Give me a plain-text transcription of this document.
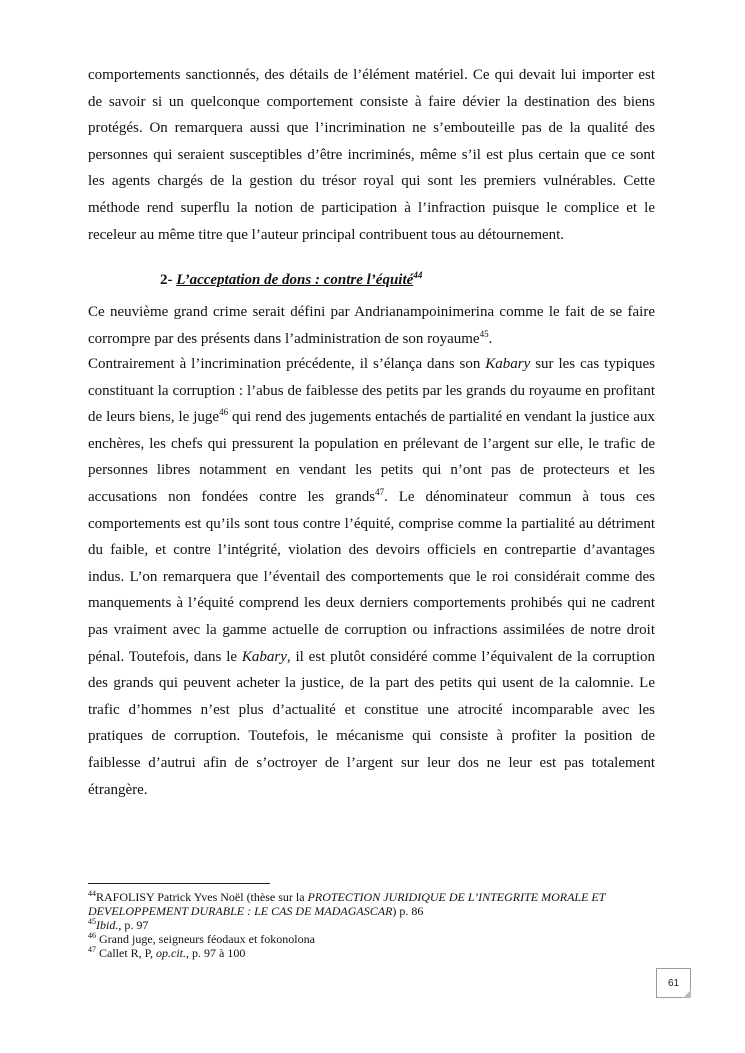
comportements sanctionnés, des détails de l’élément matériel. Ce qui devait lui importer est de savoir si un quelconque comportement consiste à faire dévier la destination des biens protégés. On remarquera aussi que l’incrimination ne s’embouteille pas de la qualité des personnes qui seraient susceptibles d’être incriminés, même s’il est plus certain que ce sont les agents chargés de la gestion du trésor royal qui sont les premiers vulnérables. Cette méthode rend superflu la notion de participation à l’infraction puisque le complice et le receleur au même titre que l’auteur principal contribuent tous au détournement.

2- L’acceptation de dons : contre l’équité$^{44}$

Ce neuvième grand crime serait défini par Andrianampoinimerina comme le fait de se faire corrompre par des présents dans l’administration de son royaume$^{45}$.

Contrairement à l’incrimination précédente, il s’élança dans son Kabary sur les cas typiques constituant la corruption : l’abus de faiblesse des petits par les grands du royaume en profitant de leurs biens, le juge$^{46}$ qui rend des jugements entachés de partialité en vendant la justice aux enchères, les chefs qui pressurent la population en prélevant de l’argent sur elle, le trafic de personnes libres notamment en vendant les petits qui n’ont pas de protecteurs et les accusations non fondées contre les grands$^{47}$. Le dénominateur commun à tous ces comportements est qu’ils sont tous contre l’équité, comprise comme la partialité au détriment du faible, et contre l’intégrité, violation des devoirs officiels en contrepartie d’avantages indus. L’on remarquera que l’éventail des comportements que le roi considérait comme des manquements à l’équité comprend les deux derniers comportements prohibés qui ne cadrent pas vraiment avec la gamme actuelle de corruption ou infractions assimilées de notre droit pénal. Toutefois, dans le Kabary, il est plutôt considéré comme l’équivalent de la corruption des grands qui peuvent acheter la justice, de la part des petits qui usent de la calomnie. Le trafic d’hommes n’est plus d’actualité et constitue une atrocité incomparable avec les pratiques de corruption. Toutefois, le mécanisme qui consiste à profiter la position de faiblesse d’autrui afin de s’octroyer de l’argent sur leur dos ne leur est pas totalement étrangère.

$^{44}$RAFOLISY Patrick Yves Noël (thèse sur la PROTECTION JURIDIQUE DE L’INTEGRITE MORALE ET DEVELOPPEMENT DURABLE : LE CAS DE MADAGASCAR) p. 86

$^{45}$Ibid., p. 97

$^{46}$ Grand juge, seigneurs féodaux et fokonolona

$^{47}$ Callet R, P, op.cit., p. 97 à 100

61
